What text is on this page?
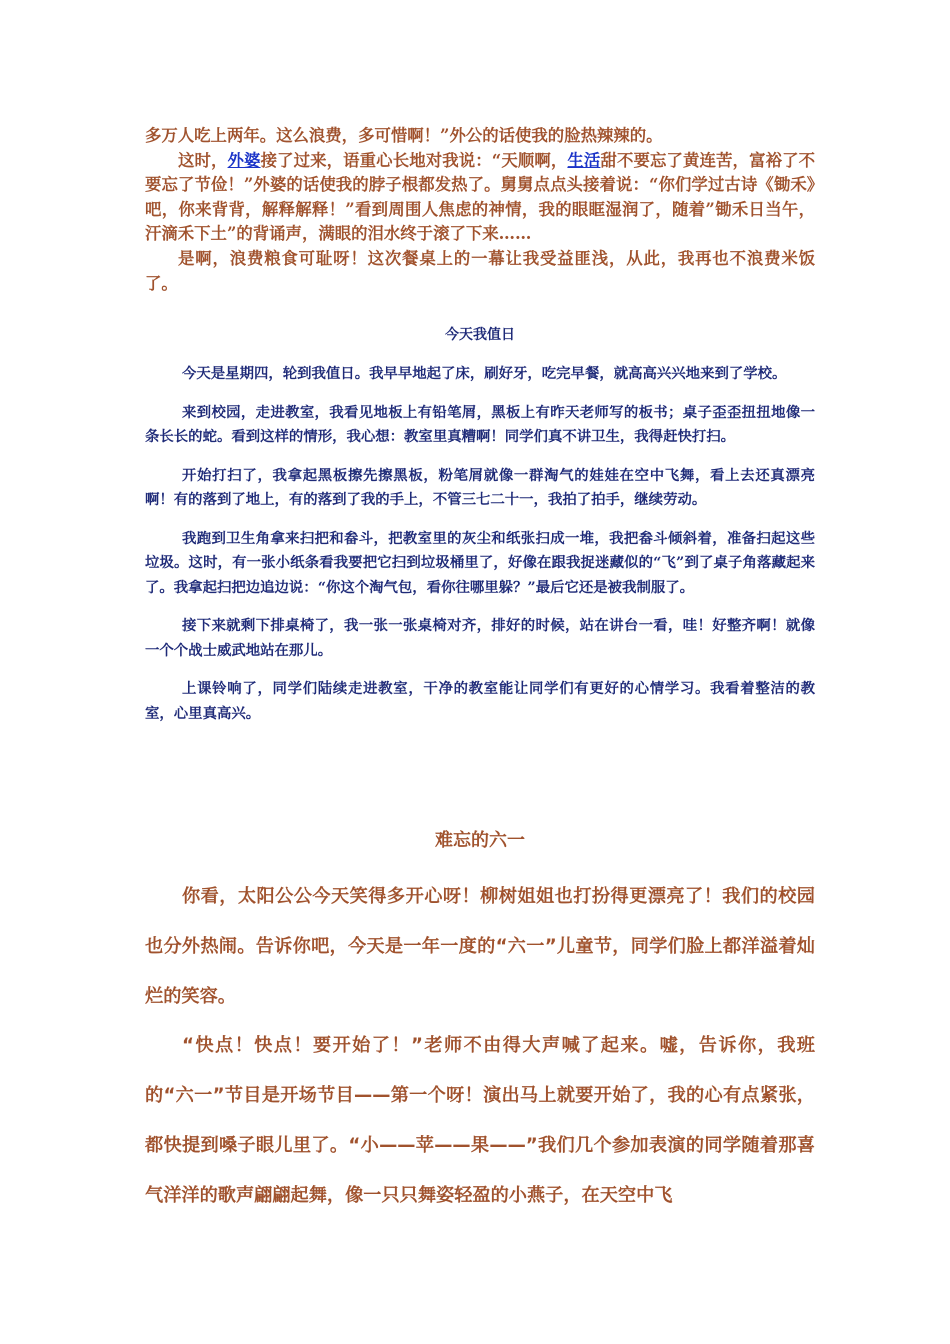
多万人吃上两年。这么浪费，多可惜啊！”外公的话使我的脸热辣辣的。

这时，外婆接了过来，语重心长地对我说：“天顺啊，生活甜不要忘了黄连苦，富裕了不要忘了节俭！”外婆的话使我的脖子根都发热了。舅舅点点头接着说：“你们学过古诗《锄禾》吧，你来背背，解释解释！”看到周围人焦虑的神情，我的眼眶湿润了，随着”锄禾日当午，汗滴禾下土”的背诵声，满眼的泪水终于滚了下来……

是啊，浪费粮食可耻呀！这次餐桌上的一幕让我受益匪浅，从此，我再也不浪费米饭了。

今天我值日

今天是星期四，轮到我值日。我早早地起了床，刷好牙，吃完早餐，就高高兴兴地来到了学校。

来到校园，走进教室，我看见地板上有铅笔屑，黑板上有昨天老师写的板书；桌子歪歪扭扭地像一条长长的蛇。看到这样的情形，我心想：教室里真糟啊！同学们真不讲卫生，我得赶快打扫。

开始打扫了，我拿起黑板擦先擦黑板，粉笔屑就像一群淘气的娃娃在空中飞舞，看上去还真漂亮啊！有的落到了地上，有的落到了我的手上，不管三七二十一，我拍了拍手，继续劳动。

我跑到卫生角拿来扫把和畚斗，把教室里的灰尘和纸张扫成一堆，我把畚斗倾斜着，准备扫起这些垃圾。这时，有一张小纸条看我要把它扫到垃圾桶里了，好像在跟我捉迷藏似的“飞”到了桌子角落藏起来了。我拿起扫把边追边说：“你这个淘气包，看你往哪里躲？”最后它还是被我制服了。

接下来就剩下排桌椅了，我一张一张桌椅对齐，排好的时候，站在讲台一看，哇！好整齐啊！就像一个个战士威武地站在那儿。

上课铃响了，同学们陆续走进教室，干净的教室能让同学们有更好的心情学习。我看着整洁的教室，心里真高兴。

难忘的六一

你看，太阳公公今天笑得多开心呀！柳树姐姐也打扮得更漂亮了！我们的校园也分外热闹。告诉你吧，今天是一年一度的“六一”儿童节，同学们脸上都洋溢着灿烂的笑容。

“快点！快点！要开始了！”老师不由得大声喊了起来。嘘，告诉你，我班的“六一”节目是开场节目——第一个呀！演出马上就要开始了，我的心有点紧张，都快提到嗓子眼儿里了。“小——苹——果——”我们几个参加表演的同学随着那喜气洋洋的歌声翩翩起舞，像一只只舞姿轻盈的小燕子，在天空中飞
